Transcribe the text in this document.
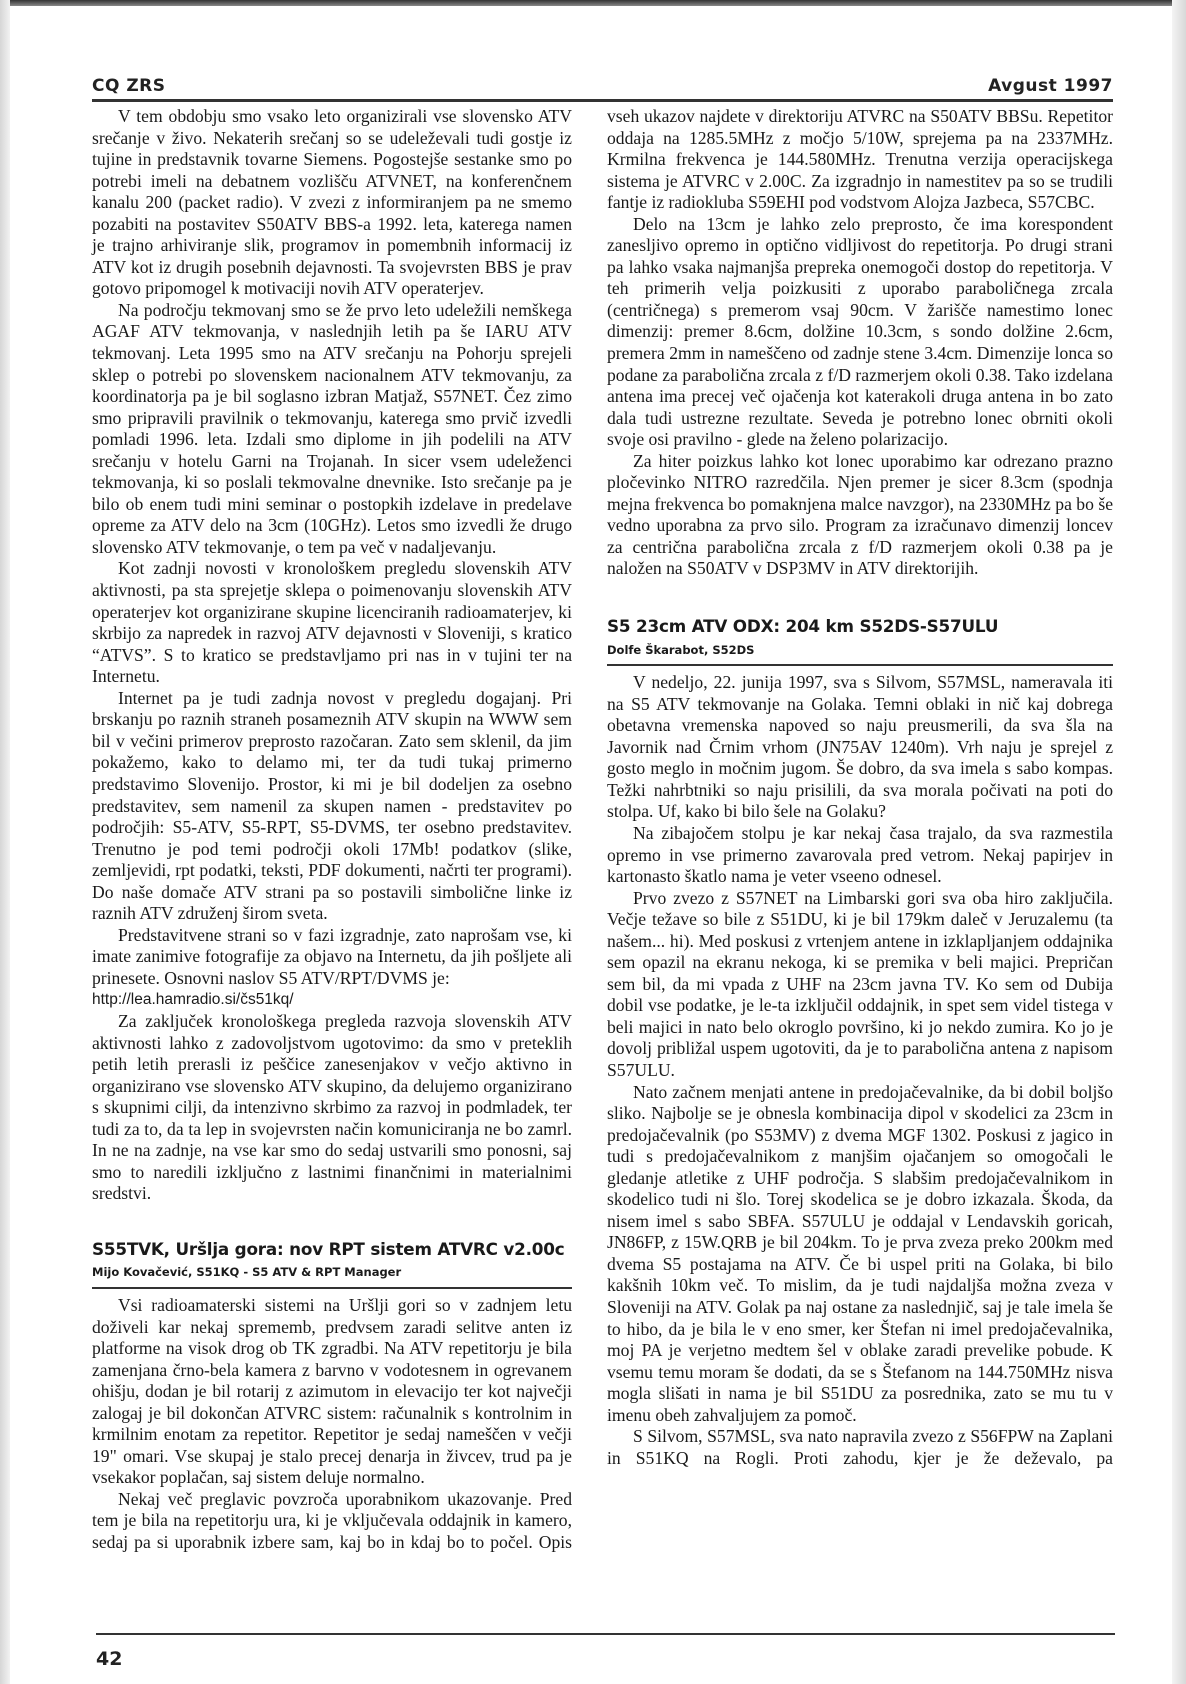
CQ ZRS	Avgust 1997

V tem obdobju smo vsako leto organizirali vse slovensko ATV srečanje v živo. Nekaterih srečanj so se udeleževali tudi gostje iz tujine in predstavnik tovarne Siemens. Pogostejše sestanke smo po potrebi imeli na debatnem vozlišču ATVNET, na konferenčnem kanalu 200 (packet radio). V zvezi z informiranjem pa ne smemo pozabiti na postavitev S50ATV BBS-a 1992. leta, katerega namen je trajno arhiviranje slik, programov in pomembnih informacij iz ATV kot iz drugih posebnih dejavnosti. Ta svojevrsten BBS je prav gotovo pripomogel k motivaciji novih ATV operaterjev.

Na področju tekmovanj smo se že prvo leto udeležili nemškega AGAF ATV tekmovanja, v naslednjih letih pa še IARU ATV tekmovanj. Leta 1995 smo na ATV srečanju na Pohorju sprejeli sklep o potrebi po slovenskem nacionalnem ATV tekmovanju, za koordinatorja pa je bil soglasno izbran Matjaž, S57NET. Čez zimo smo pripravili pravilnik o tekmovanju, katerega smo prvič izvedli pomladi 1996. leta. Izdali smo diplome in jih podelili na ATV srečanju v hotelu Garni na Trojanah. In sicer vsem udeleženci tekmovanja, ki so poslali tekmovalne dnevnike. Isto srečanje pa je bilo ob enem tudi mini seminar o postopkih izdelave in predelave opreme za ATV delo na 3cm (10GHz). Letos smo izvedli že drugo slovensko ATV tekmovanje, o tem pa več v nadaljevanju.

Kot zadnji novosti v kronološkem pregledu slovenskih ATV aktivnosti, pa sta sprejetje sklepa o poimenovanju slovenskih ATV operaterjev kot organizirane skupine licenciranih radioamaterjev, ki skrbijo za napredek in razvoj ATV dejavnosti v Sloveniji, s kratico “ATVS”. S to kratico se predstavljamo pri nas in v tujini ter na Internetu.

Internet pa je tudi zadnja novost v pregledu dogajanj. Pri brskanju po raznih straneh posameznih ATV skupin na WWW sem bil v večini primerov preprosto razočaran. Zato sem sklenil, da jim pokažemo, kako to delamo mi, ter da tudi tukaj primerno predstavimo Slovenijo. Prostor, ki mi je bil dodeljen za osebno predstavitev, sem namenil za skupen namen - predstavitev po področjih: S5-ATV, S5-RPT, S5-DVMS, ter osebno predstavitev. Trenutno je pod temi področji okoli 17Mb! podatkov (slike, zemljevidi, rpt podatki, teksti, PDF dokumenti, načrti ter programi). Do naše domače ATV strani pa so postavili simbolične linke iz raznih ATV združenj širom sveta.

Predstavitvene strani so v fazi izgradnje, zato naprošam vse, ki imate zanimive fotografije za objavo na Internetu, da jih pošljete ali prinesete. Osnovni naslov S5 ATV/RPT/DVMS je:

http://lea.hamradio.si/čs51kq/

Za zaključek kronološkega pregleda razvoja slovenskih ATV aktivnosti lahko z zadovoljstvom ugotovimo: da smo v preteklih petih letih prerasli iz peščice zanesenjakov v večjo aktivno in organizirano vse slovensko ATV skupino, da delujemo organizirano s skupnimi cilji, da intenzivno skrbimo za razvoj in podmladek, ter tudi za to, da ta lep in svojevrsten način komuniciranja ne bo zamrl. In ne na zadnje, na vse kar smo do sedaj ustvarili smo ponosni, saj smo to naredili izključno z lastnimi finančnimi in materialnimi sredstvi.

S55TVK, Uršlja gora: nov RPT sistem ATVRC v2.00c
Mijo Kovačević, S51KQ - S5 ATV & RPT Manager

Vsi radioamaterski sistemi na Uršlji gori so v zadnjem letu doživeli kar nekaj sprememb, predvsem zaradi selitve anten iz platforme na visok drog ob TK zgradbi. Na ATV repetitorju je bila zamenjana črno-bela kamera z barvno v vodotesnem in ogrevanem ohišju, dodan je bil rotarij z azimutom in elevacijo ter kot največji zalogaj je bil dokončan ATVRC sistem: računalnik s kontrolnim in krmilnim enotam za repetitor. Repetitor je sedaj nameščen v večji 19" omari. Vse skupaj je stalo precej denarja in živcev, trud pa je vsekakor poplačan, saj sistem deluje normalno.

Nekaj več preglavic povzroča uporabnikom ukazovanje. Pred tem je bila na repetitorju ura, ki je vključevala oddajnik in kamero, sedaj pa si uporabnik izbere sam, kaj bo in kdaj bo to počel. Opis

vseh ukazov najdete v direktoriju ATVRC na S50ATV BBSu. Repetitor oddaja na 1285.5MHz z močjo 5/10W, sprejema pa na 2337MHz. Krmilna frekvenca je 144.580MHz. Trenutna verzija operacijskega sistema je ATVRC v 2.00C. Za izgradnjo in namestitev pa so se trudili fantje iz radiokluba S59EHI pod vodstvom Alojza Jazbeca, S57CBC.

Delo na 13cm je lahko zelo preprosto, če ima korespondent zanesljivo opremo in optično vidljivost do repetitorja. Po drugi strani pa lahko vsaka najmanjša prepreka onemogoči dostop do repetitorja. V teh primerih velja poizkusiti z uporabo paraboličnega zrcala (centričnega) s premerom vsaj 90cm. V žarišče namestimo lonec dimenzij: premer 8.6cm, dolžine 10.3cm, s sondo dolžine 2.6cm, premera 2mm in nameščeno od zadnje stene 3.4cm. Dimenzije lonca so podane za parabolična zrcala z f/D razmerjem okoli 0.38. Tako izdelana antena ima precej več ojačenja kot katerakoli druga antena in bo zato dala tudi ustrezne rezultate. Seveda je potrebno lonec obrniti okoli svoje osi pravilno - glede na želeno polarizacijo.

Za hiter poizkus lahko kot lonec uporabimo kar odrezano prazno pločevinko NITRO razredčila. Njen premer je sicer 8.3cm (spodnja mejna frekvenca bo pomaknjena malce navzgor), na 2330MHz pa bo še vedno uporabna za prvo silo. Program za izračunavo dimenzij loncev za centrična parabolična zrcala z f/D razmerjem okoli 0.38 pa je naložen na S50ATV v DSP3MV in ATV direktorijih.

S5 23cm ATV ODX: 204 km S52DS-S57ULU
Dolfe Škarabot, S52DS

V nedeljo, 22. junija 1997, sva s Silvom, S57MSL, nameravala iti na S5 ATV tekmovanje na Golaka. Temni oblaki in nič kaj dobrega obetavna vremenska napoved so naju preusmerili, da sva šla na Javornik nad Črnim vrhom (JN75AV 1240m). Vrh naju je sprejel z gosto meglo in močnim jugom. Še dobro, da sva imela s sabo kompas. Težki nahrbtniki so naju prisilili, da sva morala počivati na poti do stolpa. Uf, kako bi bilo šele na Golaku?

Na zibajočem stolpu je kar nekaj časa trajalo, da sva razmestila opremo in vse primerno zavarovala pred vetrom. Nekaj papirjev in kartonasto škatlo nama je veter vseeno odnesel.

Prvo zvezo z S57NET na Limbarski gori sva oba hiro zaključila. Večje težave so bile z S51DU, ki je bil 179km daleč v Jeruzalemu (ta našem... hi). Med poskusi z vrtenjem antene in izklapljanjem oddajnika sem opazil na ekranu nekoga, ki se premika v beli majici. Prepričan sem bil, da mi vpada z UHF na 23cm javna TV. Ko sem od Dubija dobil vse podatke, je le-ta izključil oddajnik, in spet sem videl tistega v beli majici in nato belo okroglo površino, ki jo nekdo zumira. Ko jo je dovolj približal uspem ugotoviti, da je to parabolična antena z napisom S57ULU.

Nato začnem menjati antene in predojačevalnike, da bi dobil boljšo sliko. Najbolje se je obnesla kombinacija dipol v skodelici za 23cm in predojačevalnik (po S53MV) z dvema MGF 1302. Poskusi z jagico in tudi s predojačevalnikom z manjšim ojačanjem so omogočali le gledanje atletike z UHF področja. S slabšim predojačevalnikom in skodelico tudi ni šlo. Torej skodelica se je dobro izkazala. Škoda, da nisem imel s sabo SBFA. S57ULU je oddajal v Lendavskih goricah, JN86FP, z 15W.QRB je bil 204km. To je prva zveza preko 200km med dvema S5 postajama na ATV. Če bi uspel priti na Golaka, bi bilo kakšnih 10km več. To mislim, da je tudi najdaljša možna zveza v Sloveniji na ATV. Golak pa naj ostane za naslednjič, saj je tale imela še to hibo, da je bila le v eno smer, ker Štefan ni imel predojačevalnika, moj PA je verjetno medtem šel v oblake zaradi prevelike pobude. K vsemu temu moram še dodati, da se s Štefanom na 144.750MHz nisva mogla slišati in nama je bil S51DU za posrednika, zato se mu tu v imenu obeh zahvaljujem za pomoč.

S Silvom, S57MSL, sva nato napravila zvezo z S56FPW na Zaplani in S51KQ na Rogli. Proti zahodu, kjer je že deževalo, pa

42
